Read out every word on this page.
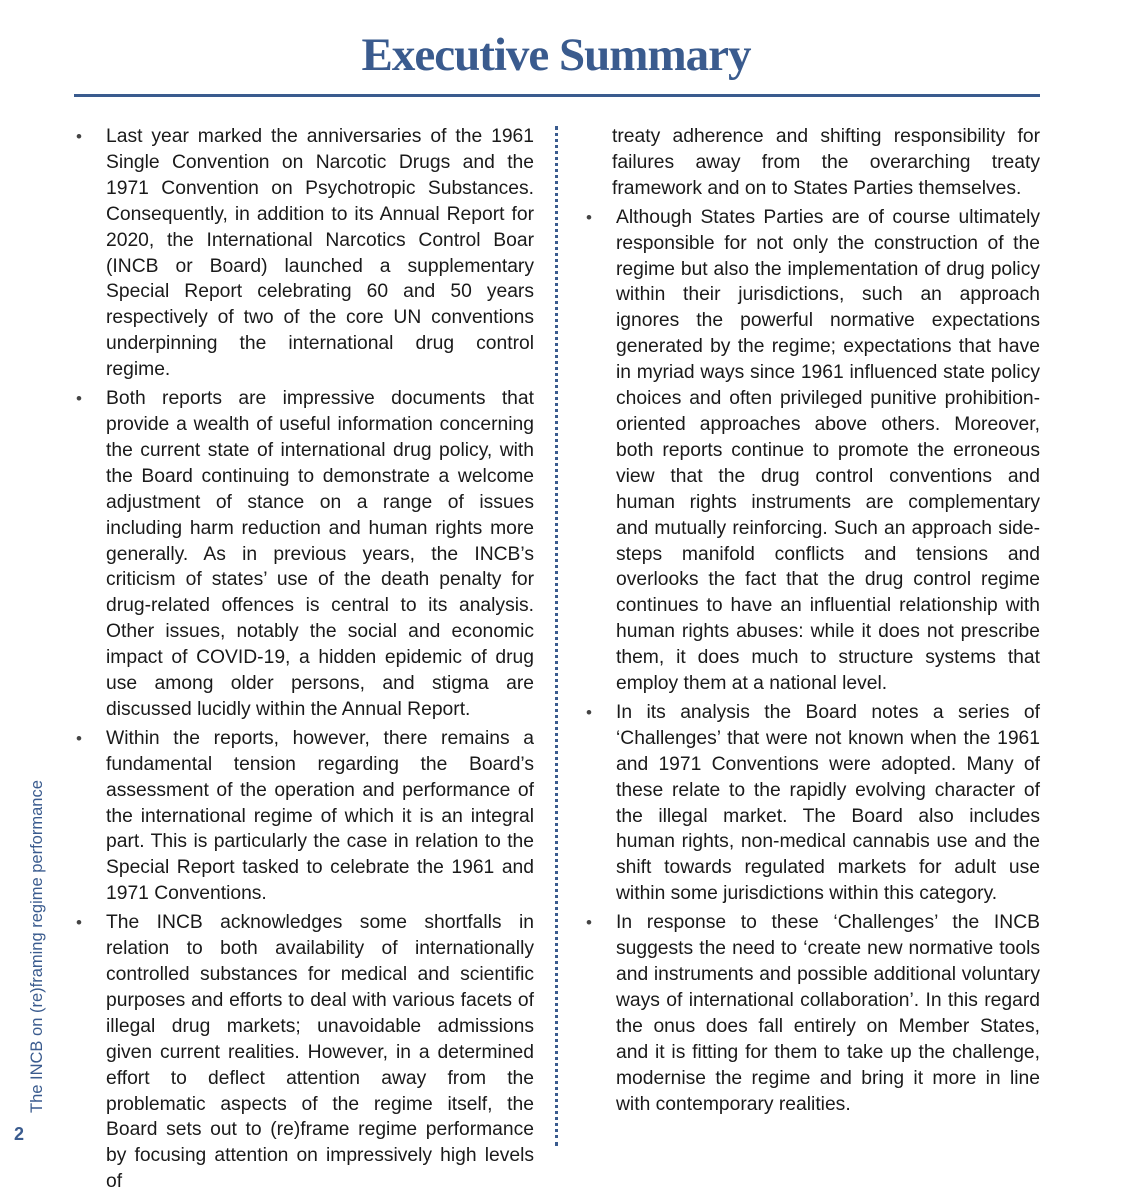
Executive Summary
• Last year marked the anniversaries of the 1961 Single Convention on Narcotic Drugs and the 1971 Convention on Psychotropic Substances. Consequently, in addition to its Annual Report for 2020, the International Narcotics Control Boar (INCB or Board) launched a supplementary Special Report celebrating 60 and 50 years respectively of two of the core UN conventions underpinning the international drug control regime.
• Both reports are impressive documents that provide a wealth of useful information concerning the current state of international drug policy, with the Board continuing to demonstrate a welcome adjustment of stance on a range of issues including harm reduction and human rights more generally. As in previous years, the INCB’s criticism of states’ use of the death penalty for drug-related offences is central to its analysis. Other issues, notably the social and economic impact of COVID-19, a hidden epidemic of drug use among older persons, and stigma are discussed lucidly within the Annual Report.
• Within the reports, however, there remains a fundamental tension regarding the Board’s assessment of the operation and performance of the international regime of which it is an integral part. This is particularly the case in relation to the Special Report tasked to celebrate the 1961 and 1971 Conventions.
• The INCB acknowledges some shortfalls in relation to both availability of internationally controlled substances for medical and scientific purposes and efforts to deal with various facets of illegal drug markets; unavoidable admissions given current realities. However, in a determined effort to deflect attention away from the problematic aspects of the regime itself, the Board sets out to (re)frame regime performance by focusing attention on impressively high levels of
treaty adherence and shifting responsibility for failures away from the overarching treaty framework and on to States Parties themselves.
• Although States Parties are of course ultimately responsible for not only the construction of the regime but also the implementation of drug policy within their jurisdictions, such an approach ignores the powerful normative expectations generated by the regime; expectations that have in myriad ways since 1961 influenced state policy choices and often privileged punitive prohibition-oriented approaches above others. Moreover, both reports continue to promote the erroneous view that the drug control conventions and human rights instruments are complementary and mutually reinforcing. Such an approach side-steps manifold conflicts and tensions and overlooks the fact that the drug control regime continues to have an influential relationship with human rights abuses: while it does not prescribe them, it does much to structure systems that employ them at a national level.
• In its analysis the Board notes a series of ‘Challenges’ that were not known when the 1961 and 1971 Conventions were adopted. Many of these relate to the rapidly evolving character of the illegal market. The Board also includes human rights, non-medical cannabis use and the shift towards regulated markets for adult use within some jurisdictions within this category.
• In response to these ‘Challenges’ the INCB suggests the need to ‘create new normative tools and instruments and possible additional voluntary ways of international collaboration’. In this regard the onus does fall entirely on Member States, and it is fitting for them to take up the challenge, modernise the regime and bring it more in line with contemporary realities.
The INCB on (re)framing regime performance
2
